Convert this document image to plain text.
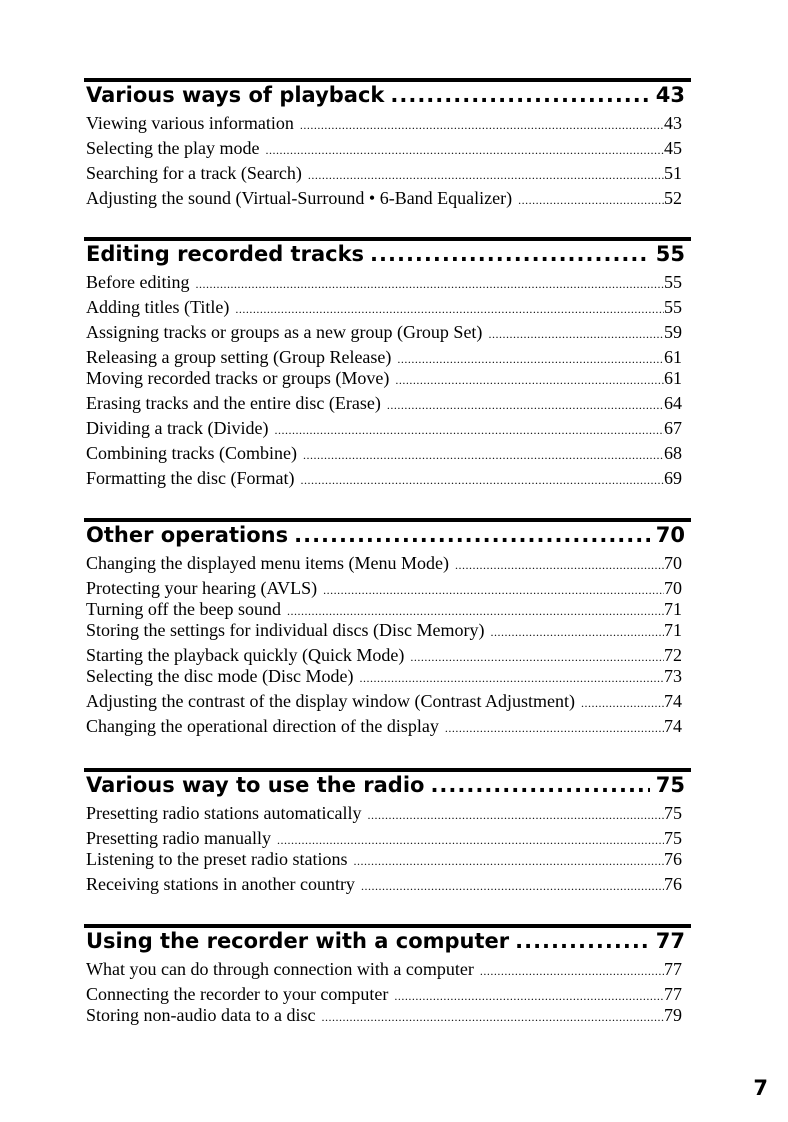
Various ways of playback .....	43
Viewing various information .....	43
Selecting the play mode .....	45
Searching for a track (Search) .....	51
Adjusting the sound (Virtual-Surround • 6-Band Equalizer) .....	52
Editing recorded tracks .....	55
Before editing .....	55
Adding titles (Title) .....	55
Assigning tracks or groups as a new group (Group Set) .....	59
Releasing a group setting (Group Release) .....	61
Moving recorded tracks or groups (Move) .....	61
Erasing tracks and the entire disc (Erase) .....	64
Dividing a track (Divide) .....	67
Combining tracks (Combine) .....	68
Formatting the disc (Format) .....	69
Other operations .....	70
Changing the displayed menu items (Menu Mode) .....	70
Protecting your hearing (AVLS) .....	70
Turning off the beep sound .....	71
Storing the settings for individual discs (Disc Memory) .....	71
Starting the playback quickly (Quick Mode) .....	72
Selecting the disc mode (Disc Mode) .....	73
Adjusting the contrast of the display window (Contrast Adjustment) .....	74
Changing the operational direction of the display .....	74
Various way to use the radio .....	75
Presetting radio stations automatically .....	75
Presetting radio manually .....	75
Listening to the preset radio stations .....	76
Receiving stations in another country .....	76
Using the recorder with a computer .....	77
What you can do through connection with a computer .....	77
Connecting the recorder to your computer .....	77
Storing non-audio data to a disc .....	79
7
